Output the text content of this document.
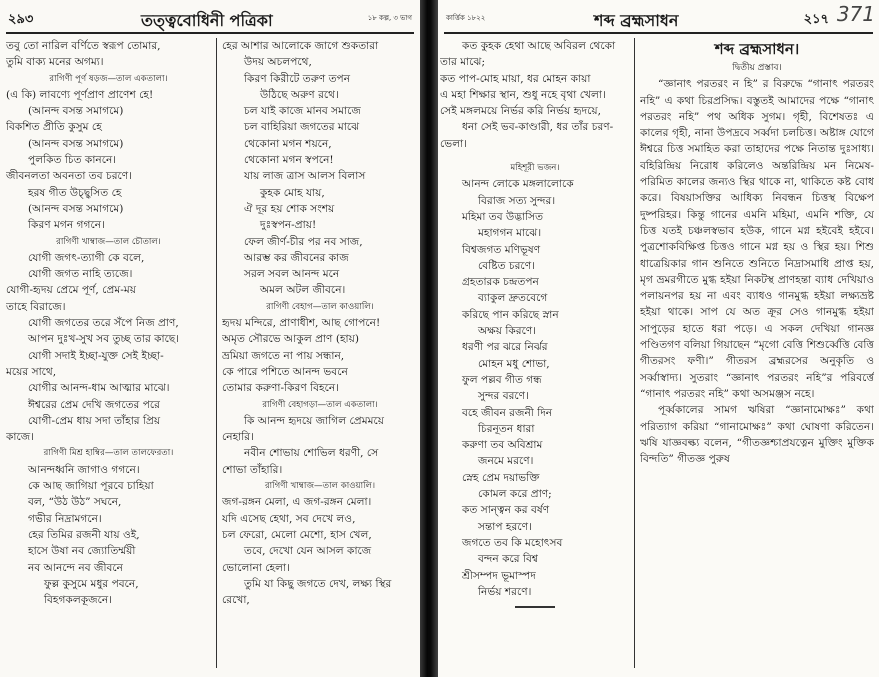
২৯৩	তত্ত্ববোধিনী পত্রিকা	১৮ কল্প, ৩ ভাগ

তবু তো নারিল বর্ণিতে স্বরূপ তোমার,

তুমি বাক্য মনের অগম্য।

রাগিণী পূর্ণ ষড়জ—তাল একতালা।

(এ কি) লাবণ্যে পূর্ণপ্রাণ প্রাণেশ হে!

(আনন্দ বসন্ত সমাগমে)

বিকশিত প্রীতি কুসুম হে

(আনন্দ বসন্ত সমাগমে)

পুলকিত চিত কাননে।

জীবনলতা অবনতা তব চরণে।

হরষ গীত উচ্ছ্বসিত হে

(আনন্দ বসন্ত সমাগমে)

কিরণ মগন গগনে।

রাগিণী খাম্বাজ—তাল চৌতাল।

যোগী জগৎ-ত্যাগী কে বলে,

যোগী জগত নাহি ত্যজে।

যোগী-হৃদয় প্রেমে পূর্ণ, প্রেম-ময়

তাহে বিরাজে।

যোগী জগতের তরে সঁপে নিজ প্রাণ,

আপন দুঃখ-সুখ সব তুচ্ছ তার কাছে।

যোগী সদাই ইচ্ছা-যুক্ত সেই ইচ্ছা-

ময়ের সাথে,

যোগীর আনন্দ-ধাম আত্মার মাঝে।

ঈশ্বরের প্রেম দেখি জগতের পরে

যোগী-প্রেম ধায় সদা তাঁহার প্রিয়

কাজে।

রাগিণী মিশ্র হাম্বির—তাল তালফেরতা।

আনন্দধ্বনি জাগাও গগনে।

কে আছ জাগিয়া পূরবে চাহিয়া

বল, “উঠ উঠ” সঘনে,

গভীর নিদ্রামগনে।

হের তিমির রজনী যায় ওই,

হাসে উষা নব জ্যোতির্ম্ময়ী

নব আনন্দে নব জীবনে

ফুল্ল কুসুমে মধুর পবনে,

বিহগকলকূজনে।

হের আশার আলোকে জাগে শুকতারা

উদয় অচলপথে,

কিরণ কিরীটে তরুণ তপন

উঠিছে অরুণ রথে।

চল যাই কাজে মানব সমাজে

চল বাহিরিয়া জগতের মাঝে

থেকোনা মগন শয়নে,

থেকোনা মগন স্বপনে!

যায় লাজ ত্রাস আলস বিলাস

কুহক মোহ যায়,

ঐ দূর হয় শোক সংশয়

দুঃস্বপন-প্রায়!

ফেল জীর্ণ-চীর পর নব সাজ,

আরম্ভ কর জীবনের কাজ

সরল সবল আনন্দ মনে

অমল অটল জীবনে।

রাগিণী বেহাগ—তাল কাওয়ালি।

হৃদয় মন্দিরে, প্রাণাধীশ, আছ গোপনে!

অমৃত সৌরভে আকুল প্রাণ (হায়)

ভ্রমিয়া জগতে না পায় সন্ধান,

কে পারে পশিতে আনন্দ ভবনে

তোমার করুণা-কিরণ বিহনে।

রাগিণী বেহাগড়া—তাল একতালা।

কি আনন্দ হৃদয়ে জাগিল প্রেমময়ে

নেহারি।

নবীন শোভায় শোভিল ধরণী, সে

শোভা তাঁহারি।

রাগিণী খাম্বাজ—তাল কাওয়ালি।

জগ-রঙ্গন মেলা, এ জগ-রঙ্গন মেলা।

যদি এসেছ হেথা, সব দেখে লও,

চল ফেরো, মেলো মেশো, হাস খেল,

তবে, দেখো যেন আসল কাজে

ভোলোনা হেলা।

তুমি যা কিছু জগতে দেখ, লক্ষ্য স্থির

রেখো,

কার্ত্তিক ১৮২২	শব্দ ব্রহ্মসাধন	২১৭ 371

কত কুহক হেথা আছে অবিরল থেকো

তার মাঝে;

কত পাপ-মোহ মায়া, ধর মোহন কায়া

এ মহা শিক্ষার স্থান, শুধু নহে বৃথা খেলা।

সেই মঙ্গলময়ে নির্ভর করি নির্ভয় হৃদয়ে,

ধনা সেই ভব-কাণ্ডারী, ধর তাঁর চরণ-

ভেলা।

মহিশূরী ভজন।

আনন্দ লোকে মঙ্গলালোকে

বিরাজ সত্য সুন্দর।

মহিমা তব উদ্ভাসিত

মহাগগন মাঝে।

বিশ্বজগত মণিভূষণ

বেষ্টিত চরণে।

গ্রহতারক চন্দ্রতপন

ব্যাকুল দ্রুতবেগে

করিছে পান করিছে স্নান

অক্ষয় কিরণে।

ধরণী পর ঝরে নির্ঝর

মোহন মধু শোভা,

ফুল পল্লব গীত গন্ধ

সুন্দর বরণে।

বহে জীবন রজনী দিন

চিরনূতন ধারা

করুণা তব অবিশ্রাম

জনমে মরণে।

স্নেহ প্রেম দয়াভক্তি

কোমল করে প্রাণ;

কত সান্ত্বন কর বর্ষণ

সন্তাপ হরণে।

জগতে তব কি মহোৎসব

বন্দন করে বিশ্ব

শ্রীসম্পদ ভূমাস্পদ

নির্ভয় শরণে।

শব্দ ব্রহ্মসাধন।

দ্বিতীয় প্রস্তাব।

“জ্ঞানাৎ পরতরং ন হি” র বিরুদ্ধে “গানাৎ পরতরং নহি” এ কথা চিরপ্রসিদ্ধ। বস্তুতই আমাদের পক্ষে “গানাৎ পরতরং নহি” পথ অধিক সুগম। গৃহী, বিশেষতঃ এ কালের গৃহী, নানা উপদ্রবে সর্ব্বদা চলচিত্ত। অষ্টাঙ্গ যোগে ঈশ্বরে চিত্ত সমাহিত করা তাহাদের পক্ষে নিতান্ত দুঃসাধ্য। বহিরিন্দ্রিয় নিরোধ করিলেও অন্তরিন্দ্রিয় মন নিমেষ-পরিমিত কালের জন্যও স্থির থাকে না, থাকিতে কষ্ট বোধ করে। বিষয়াসক্তির আধিক্য নিবন্ধন চিত্তস্থ বিক্ষেপ দুষ্পরিহর। কিন্তু গানের এমনি মহিমা, এমনি শক্তি, যে চিত্ত যতই চঞ্চলস্বভাব হউক, গানে মগ্ন হইবেই হইবে। পুত্রশোকবিক্ষিপ্ত চিত্তও গানে মগ্ন হয় ও স্থির হয়। শিশু ধাত্রেয়িকার গান শুনিতে শুনিতে নিদ্রাসমাধি প্রাপ্ত হয়, মৃগ ভ্রমরগীতে মুগ্ধ হইয়া নিকটস্থ প্রাণহন্তা ব্যাধ দেখিয়াও পলায়নপর হয় না এবং ব্যাধও গানমুগ্ধ হইয়া লক্ষ্যভ্রষ্ট হইয়া থাকে। সাপ যে অত ক্রূর সেও গানমুগ্ধ হইয়া সাপুড়ের হাতে ধরা পড়ে। এ সকল দেখিয়া গানজ্ঞ পণ্ডিতগণ বলিয়া গিয়াছেন “মৃগো বেত্তি শিশুর্ব্বেত্তি বেত্তি গীতরসং ফণী।” গীতরস ব্রহ্মরসের অনুকৃতি ও সর্ব্বাস্বাদ্য। সুতরাং “জ্ঞানাৎ পরতরং নহি”র পরিবর্ত্তে “গানাৎ পরতরং নহি” কথা অসমঞ্জস নহে।

পূর্ব্বকালের সামগ ঋষিরা “জ্ঞানামোক্ষঃ” কথা পরিত্যাগ করিয়া “গানামোক্ষঃ” কথা ঘোষণা করিতেন। ঋষি যাজ্ঞবল্ক্য বলেন, “গীতজ্ঞশ্চাপ্রযত্নেন মুক্তিং মুক্তিক বিন্দতি” গীতজ্ঞ পুরুষ
